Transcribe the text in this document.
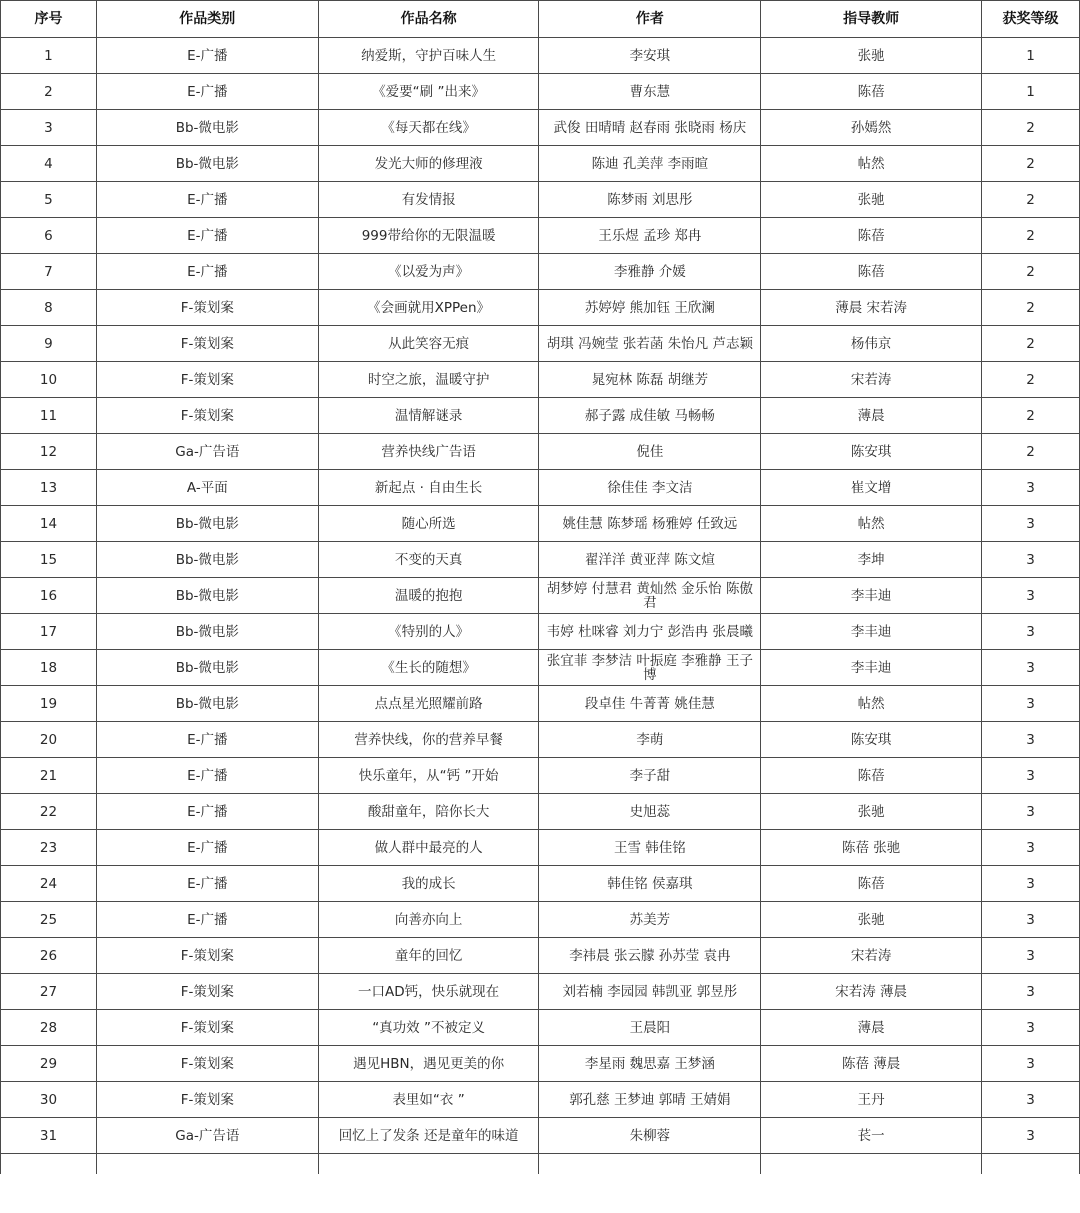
序号	作品类别	作品名称	作者	指导教师	获奖等级
1	E-广播	纳爱斯，守护百味人生	李安琪	张驰	1
2	E-广播	《爱要“刷 ”出来》	曹东慧	陈蓓	1
3	Bb-微电影	《每天都在线》	武俊 田晴晴 赵春雨 张晓雨 杨庆	孙嫣然	2
4	Bb-微电影	发光大师的修理液	陈迪 孔美萍 李雨暄	帖然	2
5	E-广播	有发情报	陈梦雨 刘思彤	张驰	2
6	E-广播	999带给你的无限温暖	王乐煜 孟珍 郑冉	陈蓓	2
7	E-广播	《以爱为声》	李雅静 介媛	陈蓓	2
8	F-策划案	《会画就用XPPen》	苏婷婷 熊加钰 王欣澜	薄晨 宋若涛	2
9	F-策划案	从此笑容无痕	胡琪 冯婉莹 张若菡 朱怡凡 芦志颖	杨伟京	2
10	F-策划案	时空之旅，温暖守护	晁宛林 陈磊 胡继芳	宋若涛	2
11	F-策划案	温情解谜录	郝子露 成佳敏 马畅畅	薄晨	2
12	Ga-广告语	营养快线广告语	倪佳	陈安琪	2
13	A-平面	新起点 · 自由生长	徐佳佳 李文洁	崔文增	3
14	Bb-微电影	随心所选	姚佳慧 陈梦瑶 杨雅婷 任致远	帖然	3
15	Bb-微电影	不变的天真	翟洋洋 黄亚萍 陈文煊	李坤	3
16	Bb-微电影	温暖的抱抱	胡梦婷 付慧君 黄灿然 金乐怡 陈傲君	李丰迪	3
17	Bb-微电影	《特别的人》	韦婷 杜咪睿 刘力宁 彭浩冉 张晨曦	李丰迪	3
18	Bb-微电影	《生长的随想》	张宜菲 李梦洁 叶振庭 李雅静 王子博	李丰迪	3
19	Bb-微电影	点点星光照耀前路	段卓佳 牛菁菁 姚佳慧	帖然	3
20	E-广播	营养快线，你的营养早餐	李萌	陈安琪	3
21	E-广播	快乐童年，从“钙 ”开始	李子甜	陈蓓	3
22	E-广播	酸甜童年，陪你长大	史旭蕊	张驰	3
23	E-广播	做人群中最亮的人	王雪 韩佳铭	陈蓓 张驰	3
24	E-广播	我的成长	韩佳铭 侯嘉琪	陈蓓	3
25	E-广播	向善亦向上	苏美芳	张驰	3
26	F-策划案	童年的回忆	李祎晨 张云朦 孙苏莹 袁冉	宋若涛	3
27	F-策划案	一口AD钙，快乐就现在	刘若楠 李园园 韩凯亚 郭昱彤	宋若涛 薄晨	3
28	F-策划案	“真功效 ”不被定义	王晨阳	薄晨	3
29	F-策划案	遇见HBN，遇见更美的你	李星雨 魏思嘉 王梦涵	陈蓓 薄晨	3
30	F-策划案	表里如“衣 ”	郭孔慈 王梦迪 郭晴 王婧娟	王丹	3
31	Ga-广告语	回忆上了发条 还是童年的味道	朱柳蓉	苌一	3
